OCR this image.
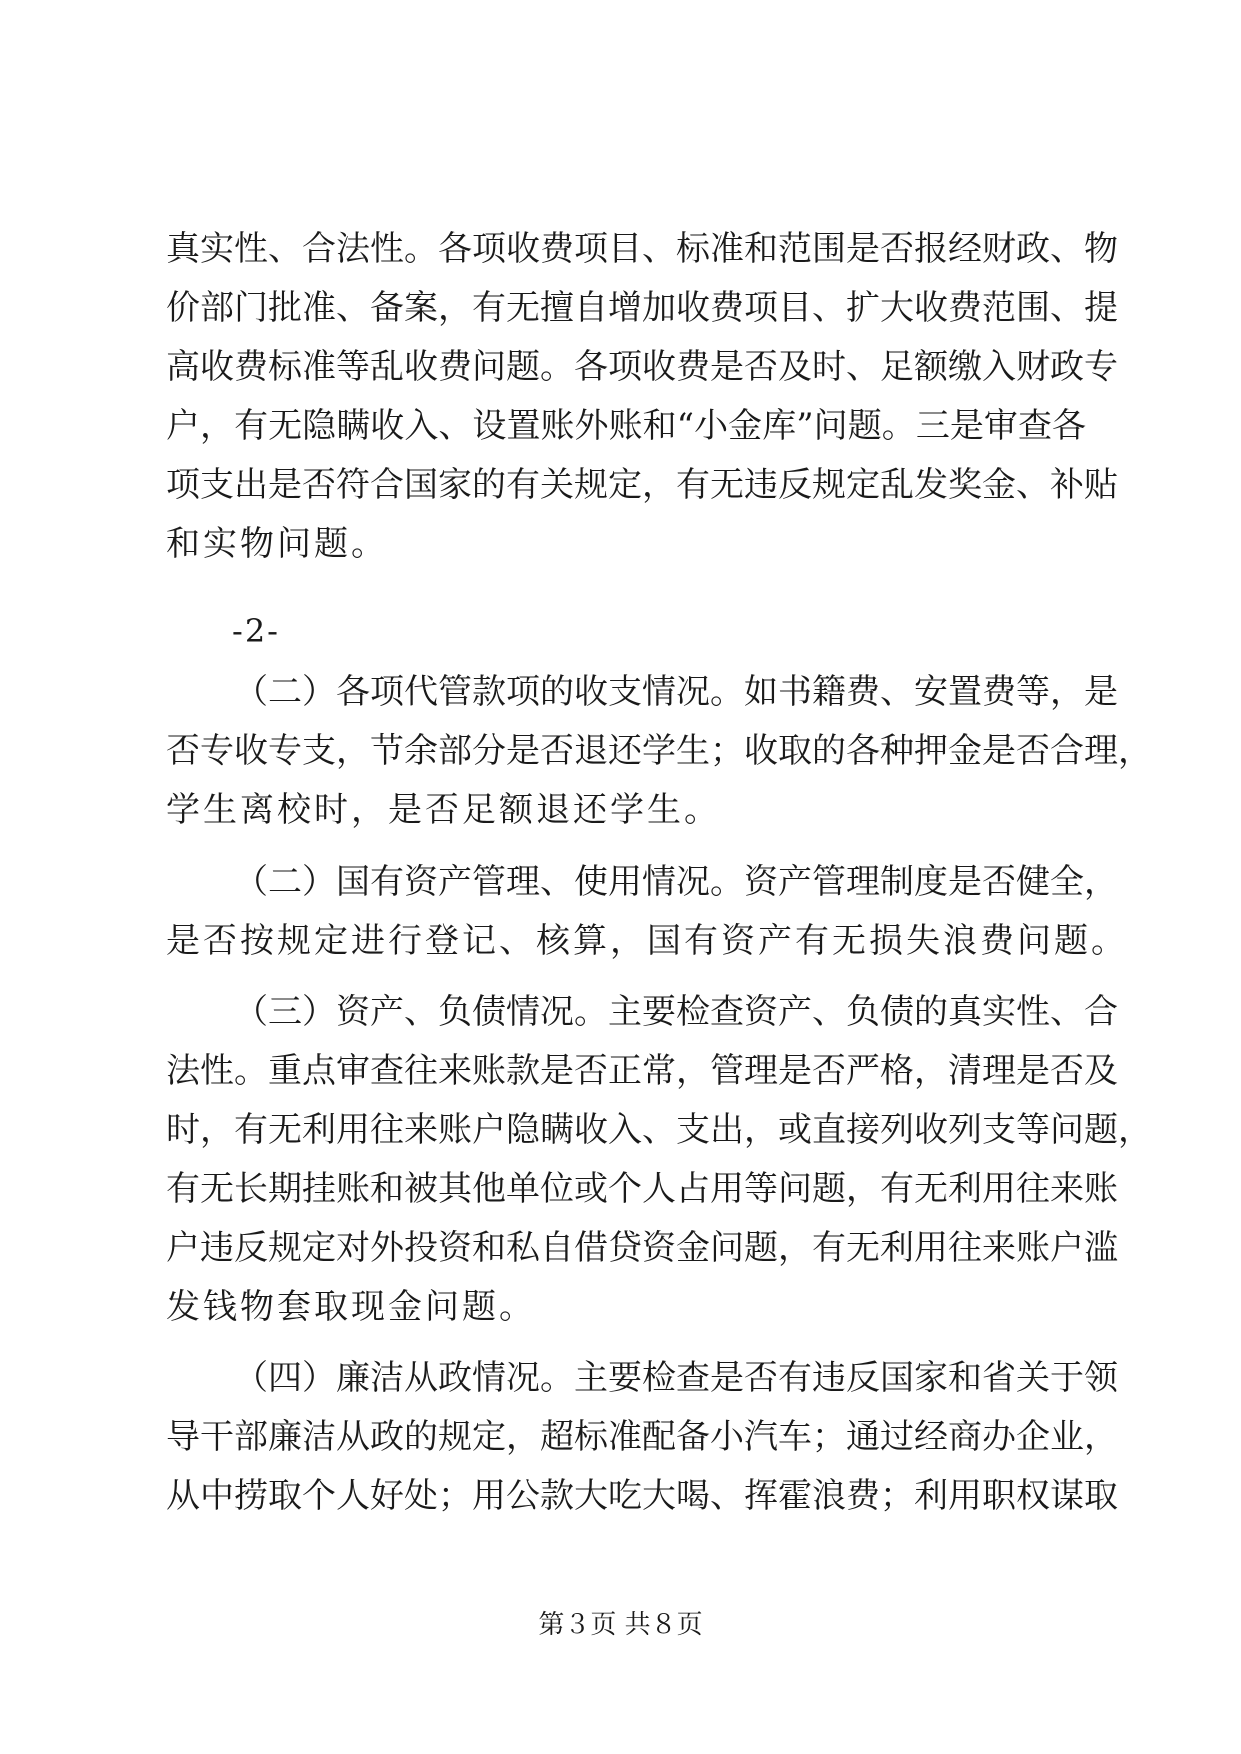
真实性、合法性。各项收费项目、标准和范围是否报经财政、物
价部门批准、备案，有无擅自增加收费项目、扩大收费范围、提
高收费标准等乱收费问题。各项收费是否及时、足额缴入财政专
户，有无隐瞒收入、设置账外账和“小金库”问题。三是审查各
项支出是否符合国家的有关规定，有无违反规定乱发奖金、补贴
和实物问题。
-2-
（二）各项代管款项的收支情况。如书籍费、安置费等，是
否专收专支，节余部分是否退还学生；收取的各种押金是否合理，
学生离校时，是否足额退还学生。
（二）国有资产管理、使用情况。资产管理制度是否健全，
是否按规定进行登记、核算，国有资产有无损失浪费问题。
（三）资产、负债情况。主要检查资产、负债的真实性、合
法性。重点审查往来账款是否正常，管理是否严格，清理是否及
时，有无利用往来账户隐瞒收入、支出，或直接列收列支等问题，
有无长期挂账和被其他单位或个人占用等问题，有无利用往来账
户违反规定对外投资和私自借贷资金问题，有无利用往来账户滥
发钱物套取现金问题。
（四）廉洁从政情况。主要检查是否有违反国家和省关于领
导干部廉洁从政的规定，超标准配备小汽车；通过经商办企业，
从中捞取个人好处；用公款大吃大喝、挥霍浪费；利用职权谋取
第３页 共８页
